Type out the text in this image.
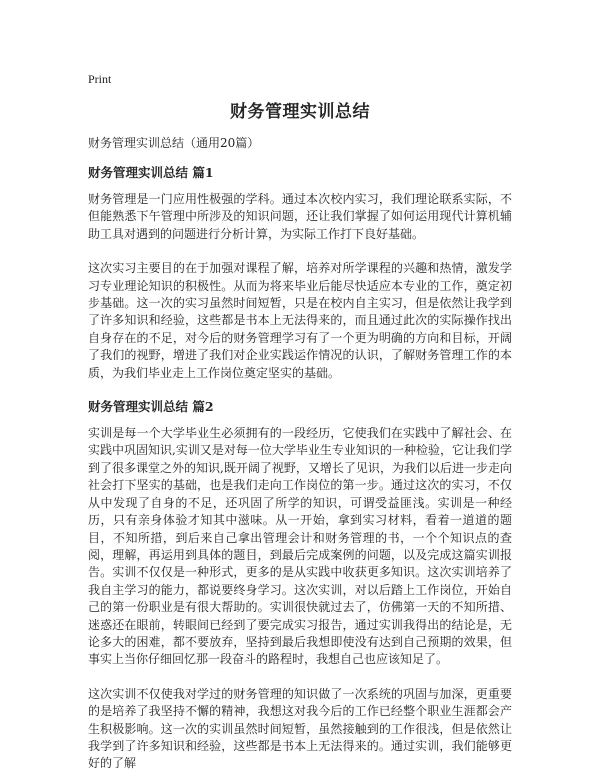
Print
财务管理实训总结
财务管理实训总结（通用20篇）
财务管理实训总结 篇1

财务管理是一门应用性极强的学科。通过本次校内实习，我们理论联系实际，不但能熟悉下午管理中所涉及的知识问题，还让我们掌握了如何运用现代计算机辅助工具对遇到的问题进行分析计算，为实际工作打下良好基础。

这次实习主要目的在于加强对课程了解，培养对所学课程的兴趣和热情，激发学习专业理论知识的积极性。从而为将来毕业后能尽快适应本专业的工作，奠定初步基础。这一次的实习虽然时间短暂，只是在校内自主实习，但是依然让我学到了许多知识和经验，这些都是书本上无法得来的，而且通过此次的实际操作找出自身存在的不足，对今后的财务管理学习有了一个更为明确的方向和目标，开阔了我们的视野，增进了我们对企业实践运作情况的认识，了解财务管理工作的本质，为我们毕业走上工作岗位奠定坚实的基础。

财务管理实训总结 篇2

实训是每一个大学毕业生必须拥有的一段经历，它使我们在实践中了解社会、在实践中巩固知识,实训又是对每一位大学毕业生专业知识的一种检验，它让我们学到了很多课堂之外的知识,既开阔了视野，又增长了见识，为我们以后进一步走向社会打下坚实的基础，也是我们走向工作岗位的第一步。通过这次的实习，不仅从中发现了自身的不足，还巩固了所学的知识，可谓受益匪浅。实训是一种经历，只有亲身体验才知其中滋味。从一开始，拿到实习材料，看着一道道的题目，不知所措，到后来自己拿出管理会计和财务管理的书，一个个知识点的查阅，理解，再运用到具体的题目，到最后完成案例的问题，以及完成这篇实训报告。实训不仅仅是一种形式，更多的是从实践中收获更多知识。这次实训培养了我自主学习的能力，都说要终身学习。这次实训，对以后踏上工作岗位，开始自己的第一份职业是有很大帮助的。实训很快就过去了，仿佛第一天的不知所措、迷惑还在眼前，转眼间已经到了要完成实习报告，通过实训我得出的结论是，无论多大的困难，都不要放弃，坚持到最后我想即使没有达到自己预期的效果，但事实上当你仔细回忆那一段奋斗的路程时，我想自己也应该知足了。

这次实训不仅使我对学过的财务管理的知识做了一次系统的巩固与加深，更重要的是培养了我坚持不懈的精神，我想这对我今后的工作已经整个职业生涯都会产生积极影响。这一次的实训虽然时间短暂，虽然接触到的工作很浅，但是依然让我学到了许多知识和经验，这些都是书本上无法得来的。通过实训，我们能够更好的了解
